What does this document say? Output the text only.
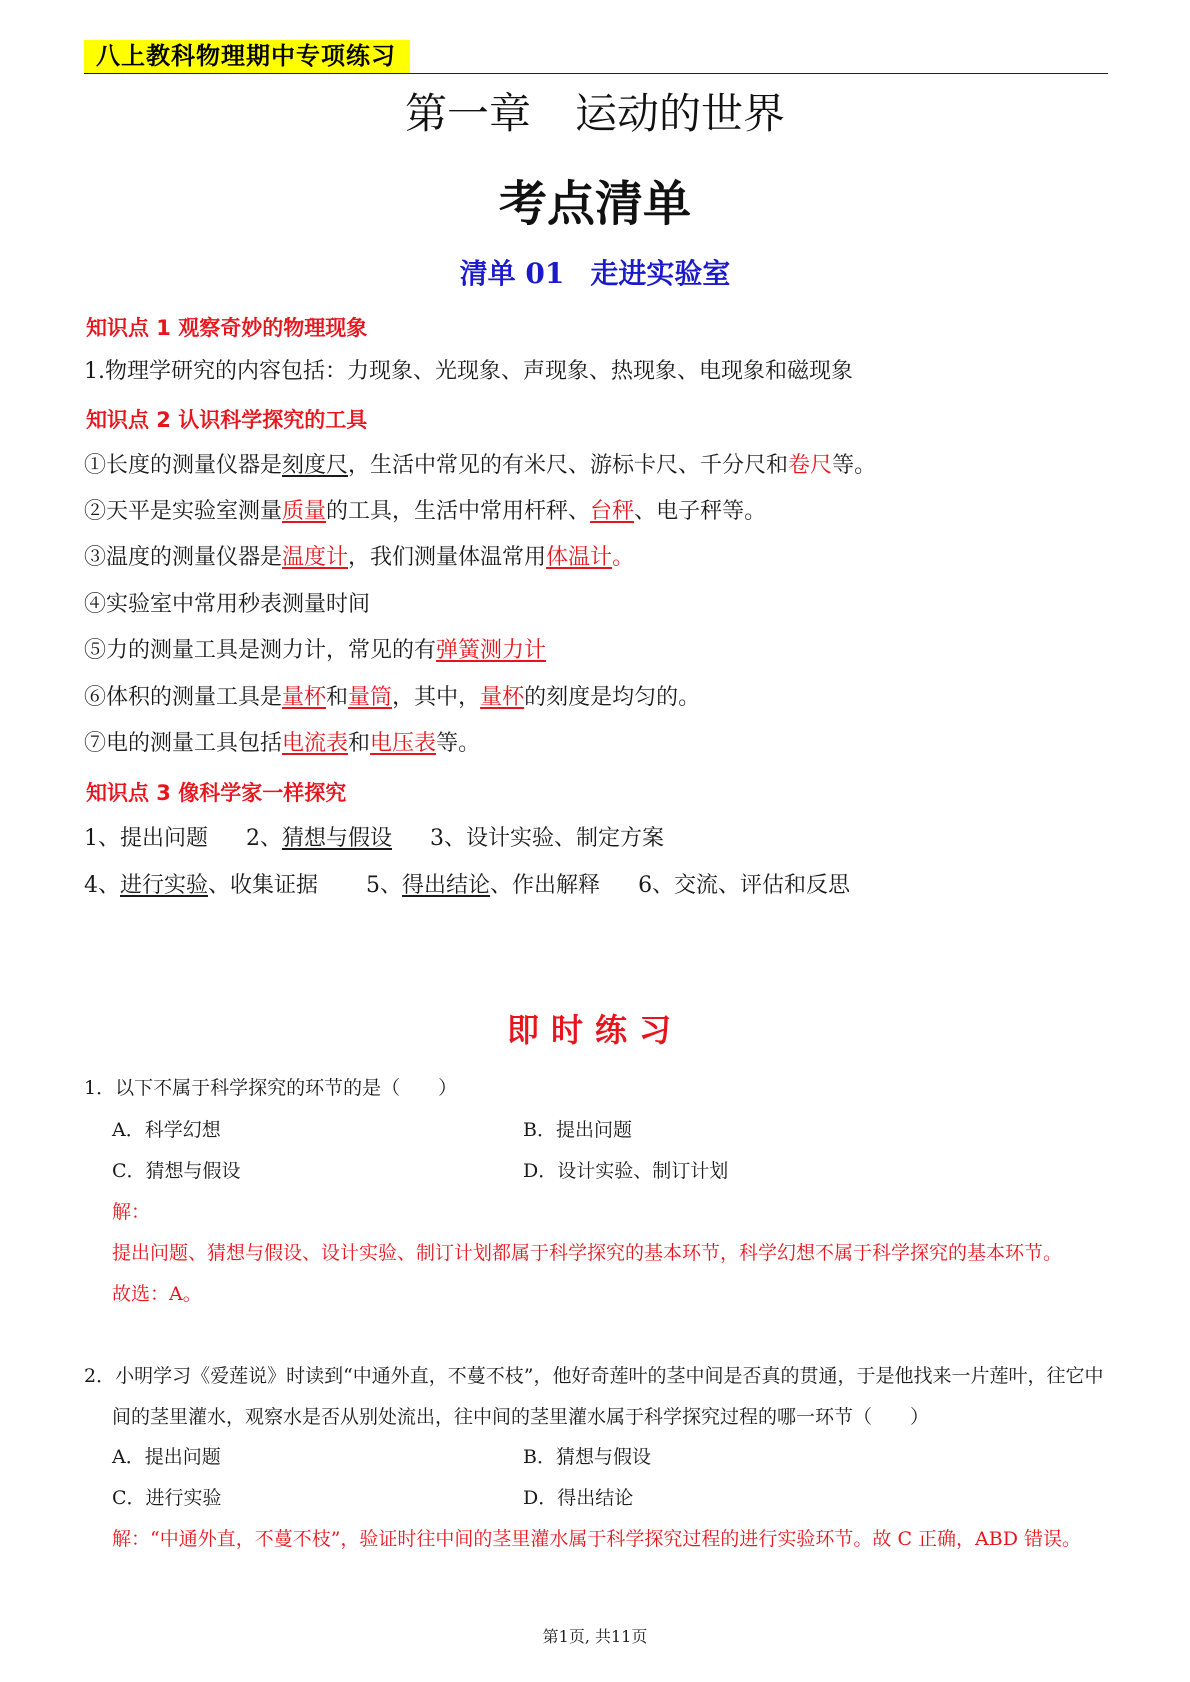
八上教科物理期中专项练习
第一章 运动的世界
考点清单
清单 01 走进实验室
知识点 1 观察奇妙的物理现象
1.物理学研究的内容包括：力现象、光现象、声现象、热现象、电现象和磁现象
知识点 2 认识科学探究的工具
①长度的测量仪器是刻度尺，生活中常见的有米尺、游标卡尺、千分尺和卷尺等。
②天平是实验室测量质量的工具，生活中常用杆秤、台秤、电子秤等。
③温度的测量仪器是温度计，我们测量体温常用体温计。
④实验室中常用秒表测量时间
⑤力的测量工具是测力计，常见的有弹簧测力计
⑥体积的测量工具是量杯和量筒，其中，量杯的刻度是均匀的。
⑦电的测量工具包括电流表和电压表等。
知识点 3 像科学家一样探究
1、提出问题 2、猜想与假设 3、设计实验、制定方案
4、进行实验、收集证据 5、得出结论、作出解释 6、交流、评估和反思
即时练习
1．以下不属于科学探究的环节的是（　　）
A．科学幻想	B．提出问题
C．猜想与假设	D．设计实验、制订计划
解：
提出问题、猜想与假设、设计实验、制订计划都属于科学探究的基本环节，科学幻想不属于科学探究的基本环节。
故选：A。
2．小明学习《爱莲说》时读到“中通外直，不蔓不枝”，他好奇莲叶的茎中间是否真的贯通，于是他找来一片莲叶，往它中间的茎里灌水，观察水是否从别处流出，往中间的茎里灌水属于科学探究过程的哪一环节（　　）
A．提出问题	B．猜想与假设
C．进行实验	D．得出结论
解：“中通外直，不蔓不枝”，验证时往中间的茎里灌水属于科学探究过程的进行实验环节。故 C 正确，ABD 错误。
第1页, 共11页
